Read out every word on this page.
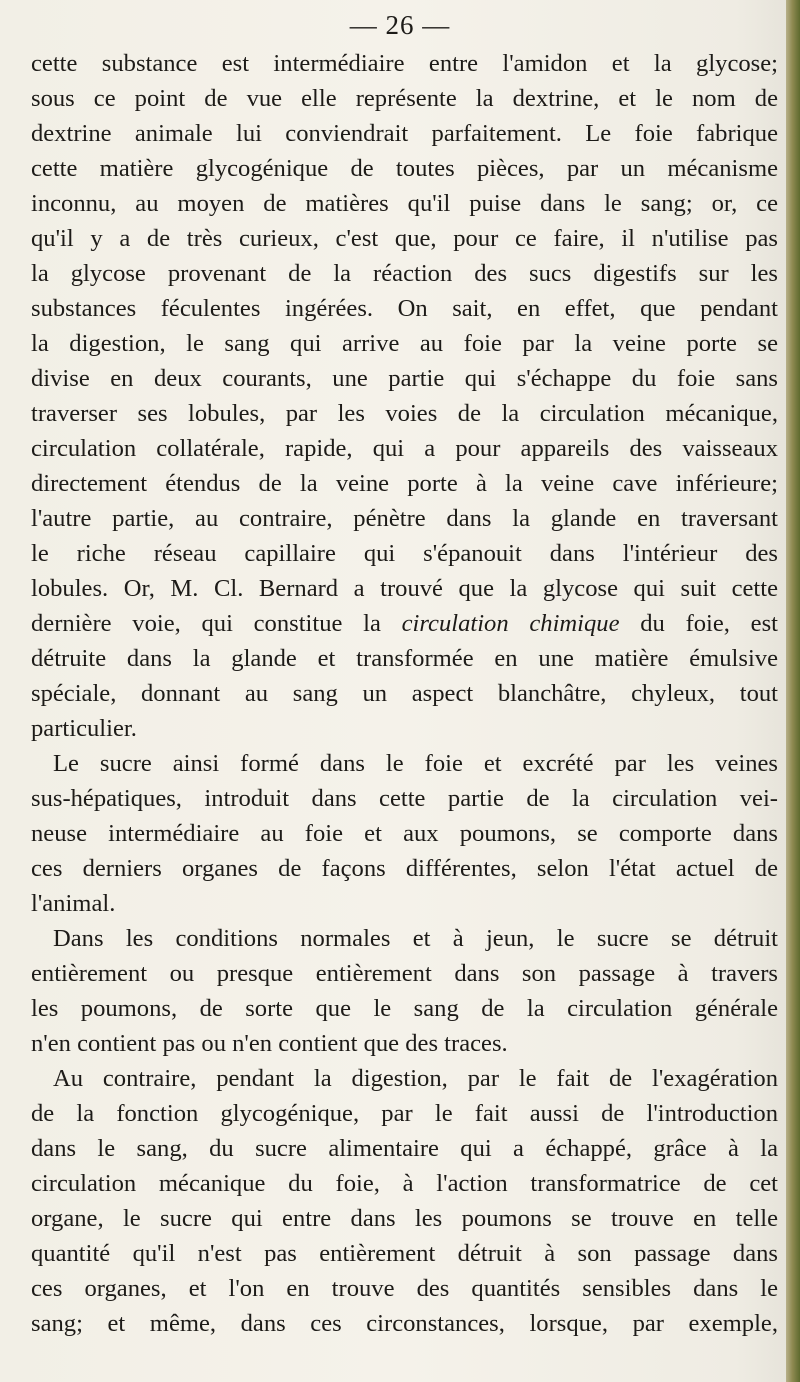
— 26 —
cette substance est intermédiaire entre l'amidon et la glycose;
sous ce point de vue elle représente la dextrine, et le nom de
dextrine animale lui conviendrait parfaitement. Le foie fabrique
cette matière glycogénique de toutes pièces, par un mécanisme
inconnu, au moyen de matières qu'il puise dans le sang; or, ce
qu'il y a de très curieux, c'est que, pour ce faire, il n'utilise pas
la glycose provenant de la réaction des sucs digestifs sur les
substances féculentes ingérées. On sait, en effet, que pendant
la digestion, le sang qui arrive au foie par la veine porte se
divise en deux courants, une partie qui s'échappe du foie sans
traverser ses lobules, par les voies de la circulation mécanique,
circulation collatérale, rapide, qui a pour appareils des vaisseaux
directement étendus de la veine porte à la veine cave inférieure;
l'autre partie, au contraire, pénètre dans la glande en traversant
le riche réseau capillaire qui s'épanouit dans l'intérieur des
lobules. Or, M. Cl. Bernard a trouvé que la glycose qui suit cette
dernière voie, qui constitue la circulation chimique du foie, est
détruite dans la glande et transformée en une matière émulsive
spéciale, donnant au sang un aspect blanchâtre, chyleux, tout
particulier.
Le sucre ainsi formé dans le foie et excrété par les veines
sus-hépatiques, introduit dans cette partie de la circulation vei-
neuse intermédiaire au foie et aux poumons, se comporte dans
ces derniers organes de façons différentes, selon l'état actuel de
l'animal.
Dans les conditions normales et à jeun, le sucre se détruit
entièrement ou presque entièrement dans son passage à travers
les poumons, de sorte que le sang de la circulation générale
n'en contient pas ou n'en contient que des traces.
Au contraire, pendant la digestion, par le fait de l'exagération
de la fonction glycogénique, par le fait aussi de l'introduction
dans le sang, du sucre alimentaire qui a échappé, grâce à la
circulation mécanique du foie, à l'action transformatrice de cet
organe, le sucre qui entre dans les poumons se trouve en telle
quantité qu'il n'est pas entièrement détruit à son passage dans
ces organes, et l'on en trouve des quantités sensibles dans le
sang; et même, dans ces circonstances, lorsque, par exemple,
